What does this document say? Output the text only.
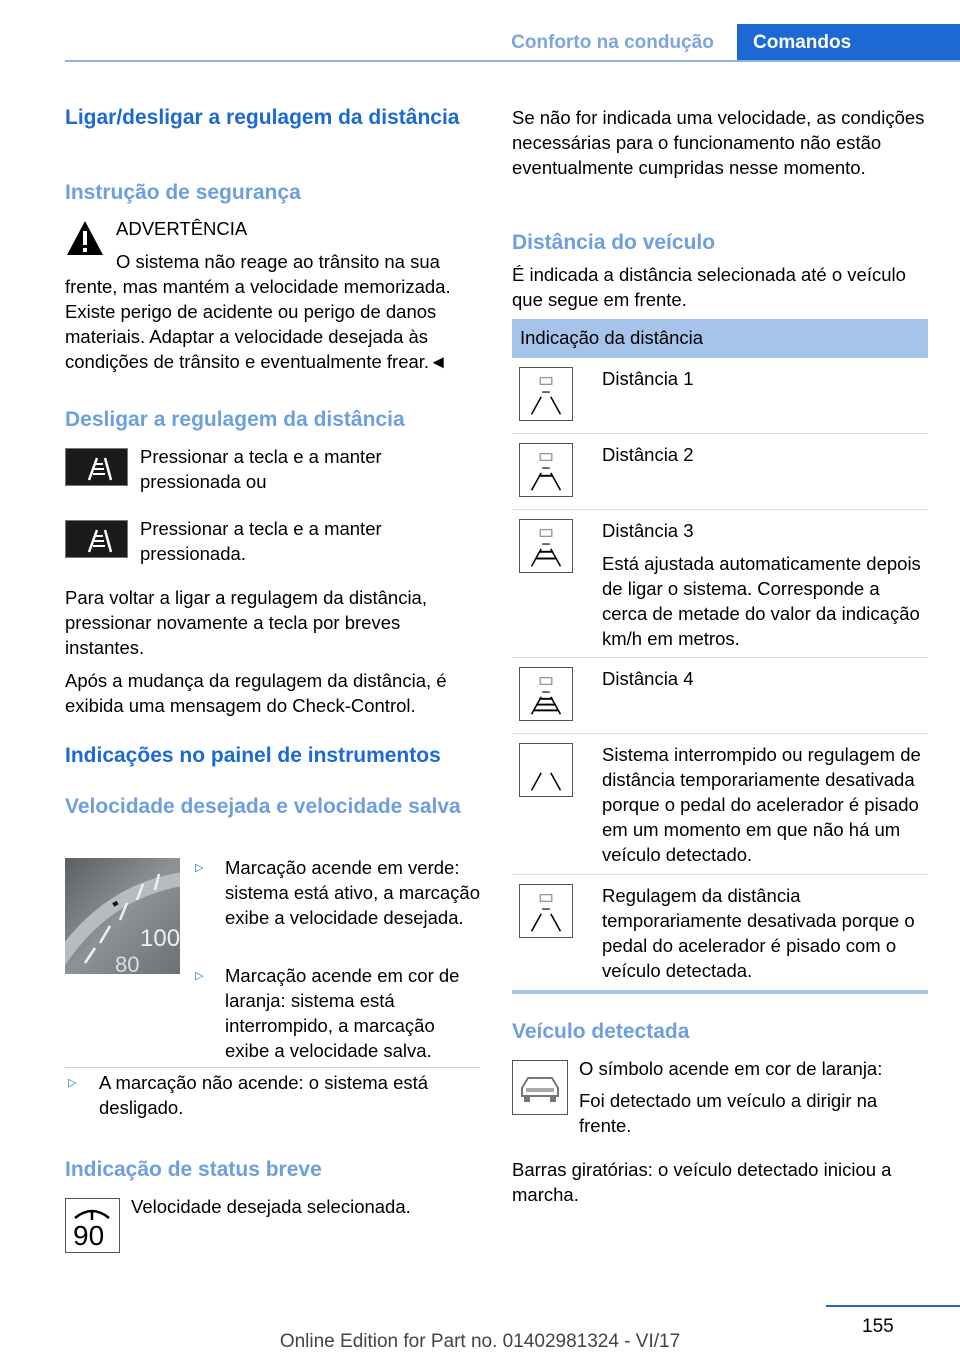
Conforto na condução	Comandos
Ligar/desligar a regulagem da distância
Instrução de segurança

ADVERTÊNCIA

O sistema não reage ao trânsito na sua

frente, mas mantém a velocidade memorizada. Existe perigo de acidente ou perigo de danos materiais. Adaptar a velocidade desejada às condições de trânsito e eventualmente frear.◄

Desligar a regulagem da distância

Pressionar a tecla e a manter pressionada ou

Pressionar a tecla e a manter pressionada.

Para voltar a ligar a regulagem da distância, pressionar novamente a tecla por breves instantes.

Após a mudança da regulagem da distância, é exibida uma mensagem do Check-Control.

Indicações no painel de instrumentos
Velocidade desejada e velocidade salva
100
80
▷ Marcação acende em verde: sistema está ativo, a marcação exibe a velocidade desejada.

▷ Marcação acende em cor de laranja: sistema está interrompido, a marcação exibe a velocidade salva.

▷ A marcação não acende: o sistema está desligado.

Indicação de status breve
90

Velocidade desejada selecionada.

Se não for indicada uma velocidade, as condições necessárias para o funcionamento não estão eventualmente cumpridas nesse momento.

Distância do veículo

É indicada a distância selecionada até o veículo que segue em frente.

Indicação da distância

Distância 1

Distância 2

Distância 3

Está ajustada automaticamente depois de ligar o sistema. Corresponde a cerca de metade do valor da indicação km/h em metros.

Distância 4

Sistema interrompido ou regulagem de distância temporariamente desativada porque o pedal do acelerador é pisado em um momento em que não há um veículo detectado.

Regulagem da distância temporariamente desativada porque o pedal do acelerador é pisado com o veículo detectada.

Veículo detectada

O símbolo acende em cor de laranja:

Foi detectado um veículo a dirigir na frente.

Barras giratórias: o veículo detectado iniciou a marcha.

155
Online Edition for Part no. 01402981324 - VI/17
